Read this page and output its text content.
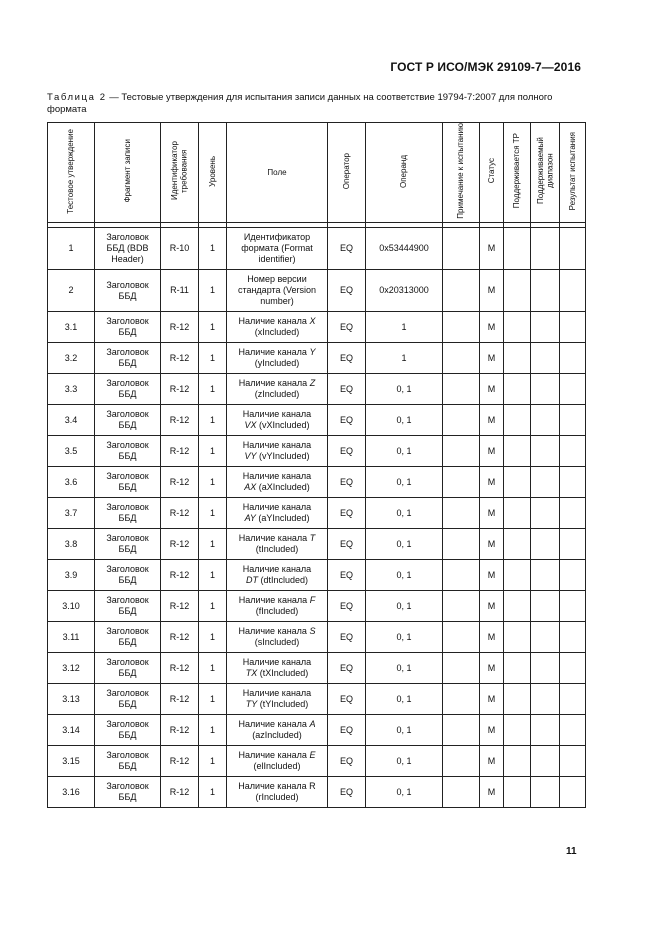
ГОСТ Р ИСО/МЭК 29109-7—2016
Таблица 2 — Тестовые утверждения для испытания записи данных на соответствие 19794-7:2007 для полного формата
Тестовое утверждение	Фрагмент записи	Идентификатор требования	Уровень	Поле	Оператор	Операнд	Примечание к испытанию	Статус	Поддерживается ТР	Поддерживаемый диапазон	Результат испытания

1	Заголовок
ББД (BDB
Header)	R-10	1	Идентификатор
формата (Format
identifier)	EQ	0x53444900		M			
2	Заголовок
ББД	R-11	1	Номер версии
стандарта (Version
number)	EQ	0x20313000		M			
3.1	Заголовок
ББД	R-12	1	Наличие канала X
(xIncluded)	EQ	1		M			
3.2	Заголовок
ББД	R-12	1	Наличие канала Y
(yIncluded)	EQ	1		M			
3.3	Заголовок
ББД	R-12	1	Наличие канала Z
(zIncluded)	EQ	0, 1		M			
3.4	Заголовок
ББД	R-12	1	Наличие канала
VX (vXIncluded)	EQ	0, 1		M			
3.5	Заголовок
ББД	R-12	1	Наличие канала
VY (vYIncluded)	EQ	0, 1		M			
3.6	Заголовок
ББД	R-12	1	Наличие канала
AX (aXIncluded)	EQ	0, 1		M			
3.7	Заголовок
ББД	R-12	1	Наличие канала
AY (aYIncluded)	EQ	0, 1		M			
3.8	Заголовок
ББД	R-12	1	Наличие канала T
(tIncluded)	EQ	0, 1		M			
3.9	Заголовок
ББД	R-12	1	Наличие канала
DT (dtIncluded)	EQ	0, 1		M			
3.10	Заголовок
ББД	R-12	1	Наличие канала F
(fIncluded)	EQ	0, 1		M			
3.11	Заголовок
ББД	R-12	1	Наличие канала S
(sIncluded)	EQ	0, 1		M			
3.12	Заголовок
ББД	R-12	1	Наличие канала
TX (tXIncluded)	EQ	0, 1		M			
3.13	Заголовок
ББД	R-12	1	Наличие канала
TY (tYIncluded)	EQ	0, 1		M			
3.14	Заголовок
ББД	R-12	1	Наличие канала A
(azIncluded)	EQ	0, 1		M			
3.15	Заголовок
ББД	R-12	1	Наличие канала E
(elIncluded)	EQ	0, 1		M			
3.16	Заголовок
ББД	R-12	1	Наличие канала R
(rIncluded)	EQ	0, 1		M			
11
